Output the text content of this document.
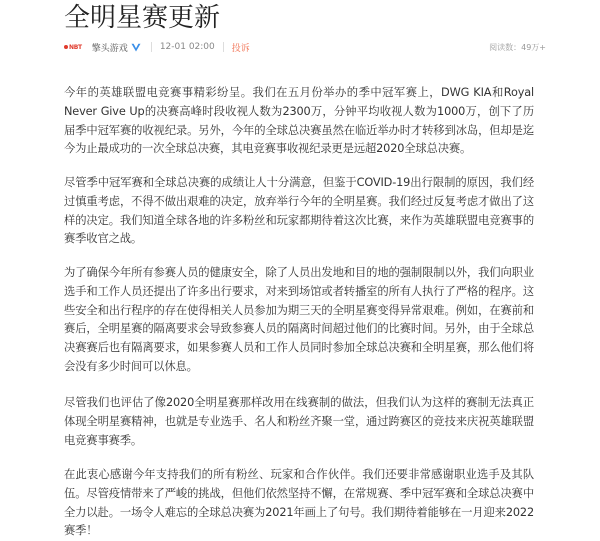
全明星赛更新
NBT 擎头游戏	12-01 02:00 投诉	阅读数：49万+

今年的英雄联盟电竞赛事精彩纷呈。我们在五月份举办的季中冠军赛上，DWG KIA和Royal Never Give Up的决赛高峰时段收视人数为2300万，分钟平均收视人数为1000万，创下了历届季中冠军赛的收视纪录。另外，今年的全球总决赛虽然在临近举办时才转移到冰岛，但却是迄今为止最成功的一次全球总决赛，其电竞赛事收视纪录更是远超2020全球总决赛。

尽管季中冠军赛和全球总决赛的成绩让人十分满意，但鉴于COVID-19出行限制的原因，我们经过慎重考虑，不得不做出艰难的决定，放弃举行今年的全明星赛。我们经过反复考虑才做出了这样的决定。我们知道全球各地的许多粉丝和玩家都期待着这次比赛，来作为英雄联盟电竞赛事的赛季收官之战。

为了确保今年所有参赛人员的健康安全，除了人员出发地和目的地的强制限制以外，我们向职业选手和工作人员还提出了许多出行要求，对来到场馆或者转播室的所有人执行了严格的程序。这些安全和出行程序的存在使得相关人员参加为期三天的全明星赛变得异常艰难。例如，在赛前和赛后，全明星赛的隔离要求会导致参赛人员的隔离时间超过他们的比赛时间。另外，由于全球总决赛赛后也有隔离要求，如果参赛人员和工作人员同时参加全球总决赛和全明星赛，那么他们将会没有多少时间可以休息。

尽管我们也评估了像2020全明星赛那样改用在线赛制的做法，但我们认为这样的赛制无法真正体现全明星赛精神，也就是专业选手、名人和粉丝齐聚一堂，通过跨赛区的竞技来庆祝英雄联盟电竞赛事赛季。

在此衷心感谢今年支持我们的所有粉丝、玩家和合作伙伴。我们还要非常感谢职业选手及其队伍。尽管疫情带来了严峻的挑战，但他们依然坚持不懈，在常规赛、季中冠军赛和全球总决赛中全力以赴。一场令人难忘的全球总决赛为2021年画上了句号。我们期待着能够在一月迎来2022赛季！
